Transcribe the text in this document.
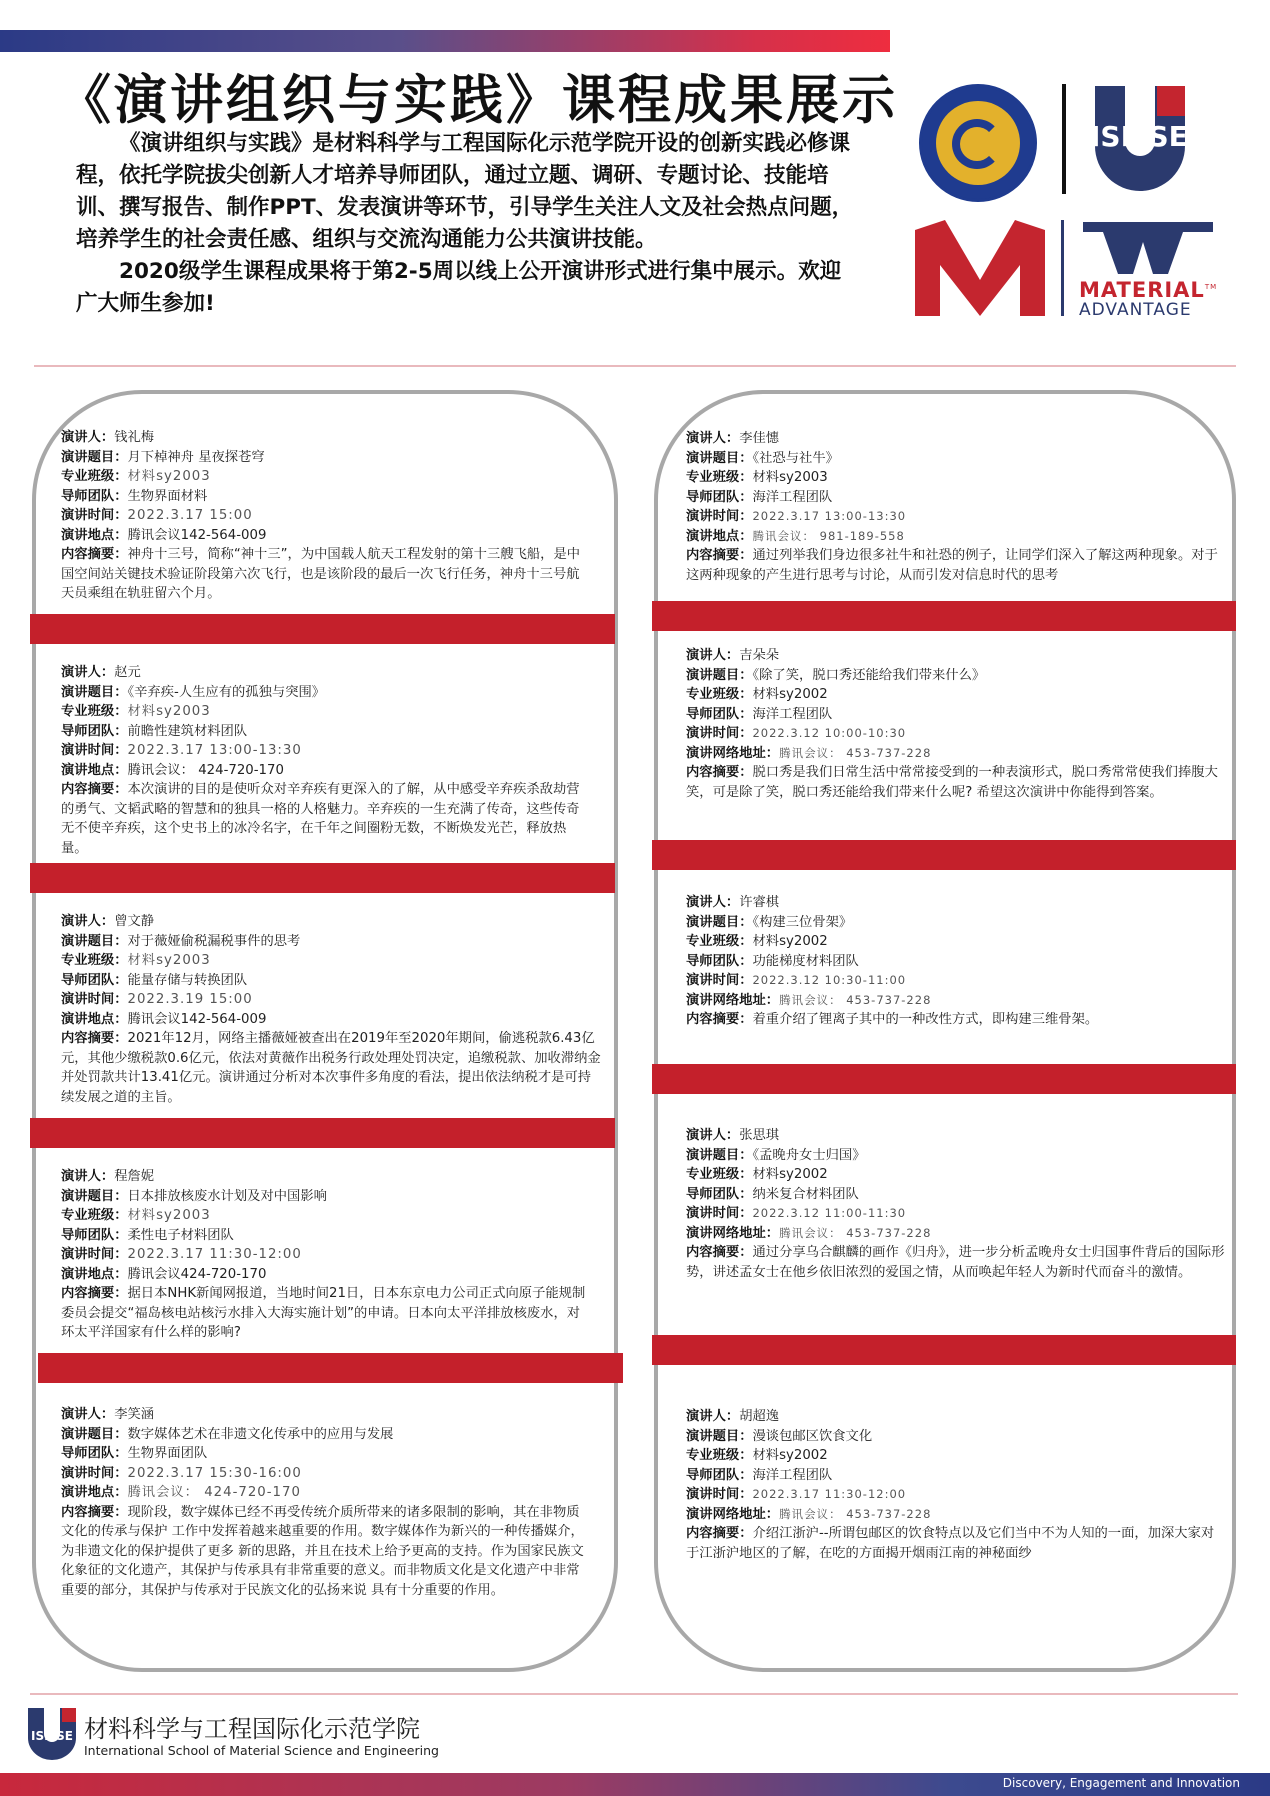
《演讲组织与实践》课程成果展示

《演讲组织与实践》是材料科学与工程国际化示范学院开设的创新实践必修课程，依托学院拔尖创新人才培养导师团队，通过立题、调研、专题讨论、技能培训、撰写报告、制作PPT、发表演讲等环节，引导学生关注人文及社会热点问题，培养学生的社会责任感、组织与交流沟通能力公共演讲技能。

2020级学生课程成果将于第2-5周以线上公开演讲形式进行集中展示。欢迎广大师生参加!

ISMSE
MATERIAL™
ADVANTAGE
演讲人：钱礼梅
演讲题目：月下棹神舟 星夜探苍穹
专业班级：材料sy2003
导师团队：生物界面材料
演讲时间：2022.3.17 15:00
演讲地点：腾讯会议142-564-009
内容摘要：神舟十三号，简称“神十三”，为中国载人航天工程发射的第十三艘飞船，是中国空间站关键技术验证阶段第六次飞行，也是该阶段的最后一次飞行任务，神舟十三号航天员乘组在轨驻留六个月。
演讲人：赵元
演讲题目：《辛弃疾-人生应有的孤独与突围》
专业班级：材料sy2003
导师团队：前瞻性建筑材料团队
演讲时间：2022.3.17 13:00-13:30
演讲地点：腾讯会议： 424-720-170
内容摘要：本次演讲的目的是使听众对辛弃疾有更深入的了解，从中感受辛弃疾杀敌劫营的勇气、文韬武略的智慧和的独具一格的人格魅力。辛弃疾的一生充满了传奇，这些传奇无不使辛弃疾，这个史书上的冰冷名字，在千年之间圈粉无数，不断焕发光芒，释放热量。
演讲人：曾文静
演讲题目：对于薇娅偷税漏税事件的思考
专业班级：材料sy2003
导师团队：能量存储与转换团队
演讲时间：2022.3.19 15:00
演讲地点：腾讯会议142-564-009
内容摘要：2021年12月，网络主播薇娅被查出在2019年至2020年期间，偷逃税款6.43亿元，其他少缴税款0.6亿元，依法对黄薇作出税务行政处理处罚决定，追缴税款、加收滞纳金并处罚款共计13.41亿元。演讲通过分析对本次事件多角度的看法，提出依法纳税才是可持续发展之道的主旨。
演讲人：程詹妮
演讲题目：日本排放核废水计划及对中国影响
专业班级：材料sy2003
导师团队：柔性电子材料团队
演讲时间：2022.3.17 11:30-12:00
演讲地点：腾讯会议424-720-170
内容摘要：据日本NHK新闻网报道，当地时间21日，日本东京电力公司正式向原子能规制委员会提交“福岛核电站核污水排入大海实施计划”的申请。日本向太平洋排放核废水，对环太平洋国家有什么样的影响?
演讲人：李笑涵
演讲题目：数字媒体艺术在非遗文化传承中的应用与发展
导师团队：生物界面团队
演讲时间：2022.3.17 15:30-16:00
演讲地点：腾讯会议： 424-720-170
内容摘要：现阶段，数字媒体已经不再受传统介质所带来的诸多限制的影响，其在非物质文化的传承与保护 工作中发挥着越来越重要的作用。数字媒体作为新兴的一种传播媒介，为非遗文化的保护提供了更多 新的思路，并且在技术上给予更高的支持。作为国家民族文化象征的文化遗产，其保护与传承具有非常重要的意义。而非物质文化是文化遗产中非常重要的部分，其保护与传承对于民族文化的弘扬来说 具有十分重要的作用。
演讲人：李佳憓
演讲题目：《社恐与社牛》
专业班级：材料sy2003
导师团队：海洋工程团队
演讲时间：2022.3.17 13:00-13:30
演讲地点：腾讯会议： 981-189-558
内容摘要：通过列举我们身边很多社牛和社恐的例子，让同学们深入了解这两种现象。对于这两种现象的产生进行思考与讨论，从而引发对信息时代的思考
演讲人：吉朵朵
演讲题目：《除了笑，脱口秀还能给我们带来什么》
专业班级：材料sy2002
导师团队：海洋工程团队
演讲时间：2022.3.12 10:00-10:30
演讲网络地址：腾讯会议： 453-737-228
内容摘要：脱口秀是我们日常生活中常常接受到的一种表演形式，脱口秀常常使我们捧腹大笑，可是除了笑，脱口秀还能给我们带来什么呢? 希望这次演讲中你能得到答案。
演讲人：许睿棋
演讲题目：《构建三位骨架》
专业班级：材料sy2002
导师团队：功能梯度材料团队
演讲时间：2022.3.12 10:30-11:00
演讲网络地址：腾讯会议： 453-737-228
内容摘要：着重介绍了锂离子其中的一种改性方式，即构建三维骨架。
演讲人：张思琪
演讲题目：《孟晚舟女士归国》
专业班级：材料sy2002
导师团队：纳米复合材料团队
演讲时间：2022.3.12 11:00-11:30
演讲网络地址：腾讯会议： 453-737-228
内容摘要：通过分享乌合麒麟的画作《归舟》，进一步分析孟晚舟女士归国事件背后的国际形势，讲述孟女士在他乡依旧浓烈的爱国之情，从而唤起年轻人为新时代而奋斗的激情。
演讲人：胡超逸
演讲题目：漫谈包邮区饮食文化
专业班级：材料sy2002
导师团队：海洋工程团队
演讲时间：2022.3.17 11:30-12:00
演讲网络地址：腾讯会议： 453-737-228
内容摘要：介绍江浙沪--所谓包邮区的饮食特点以及它们当中不为人知的一面，加深大家对于江浙沪地区的了解，在吃的方面揭开烟雨江南的神秘面纱
ISMSE 材料科学与工程国际化示范学院
International School of Material Science and Engineering
Discovery, Engagement and Innovation
